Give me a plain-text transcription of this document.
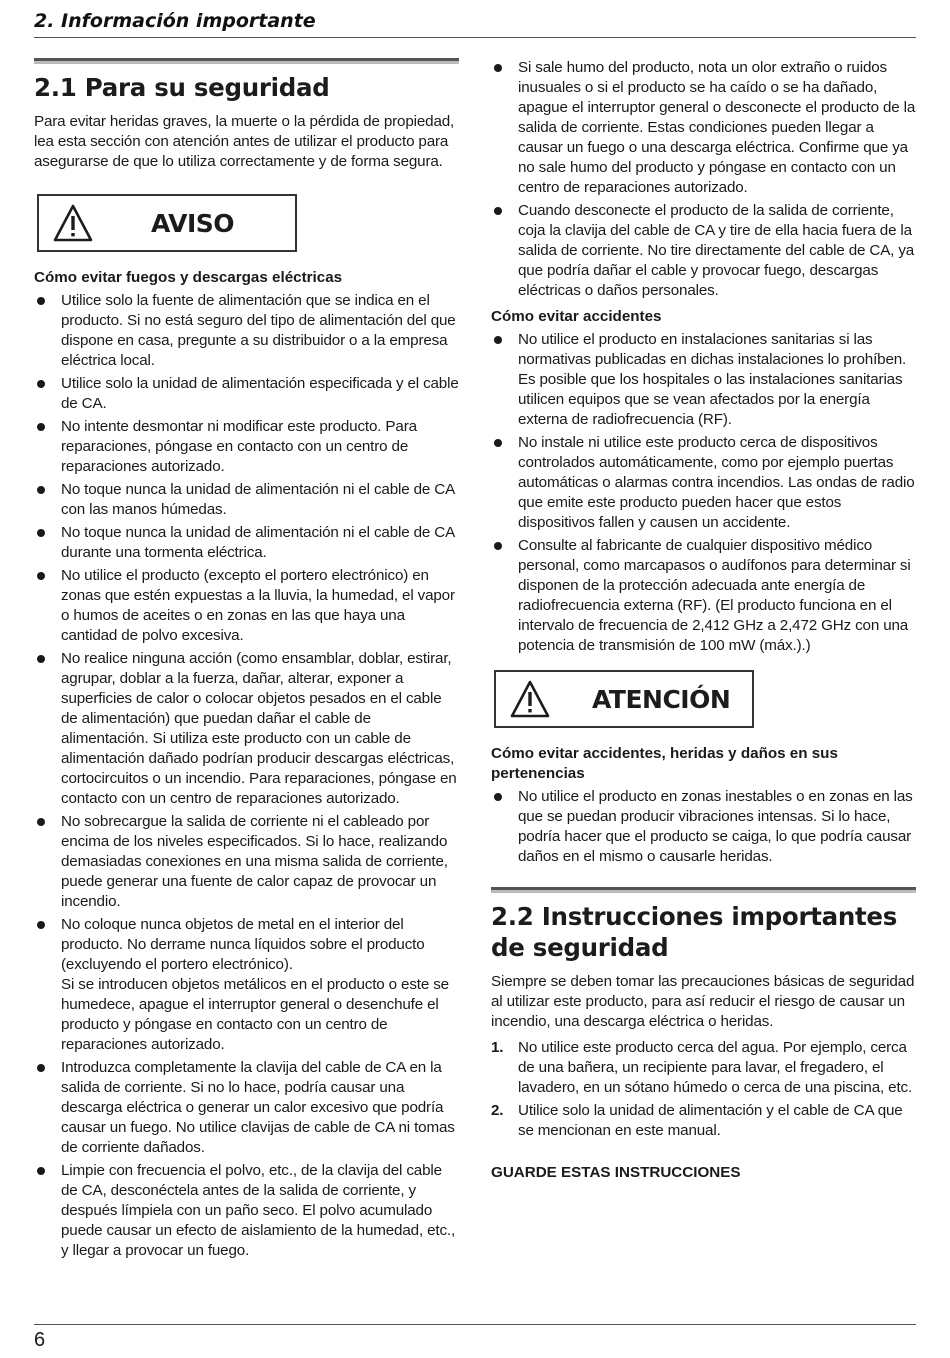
2. Información importante
2.1 Para su seguridad

Para evitar heridas graves, la muerte o la pérdida de propiedad, lea esta sección con atención antes de utilizar el producto para asegurarse de que lo utiliza correctamente y de forma segura.

AVISO
Cómo evitar fuegos y descargas eléctricas
Utilice solo la fuente de alimentación que se indica en el producto. Si no está seguro del tipo de alimentación del que dispone en casa, pregunte a su distribuidor o a la empresa eléctrica local.
Utilice solo la unidad de alimentación especificada y el cable de CA.
No intente desmontar ni modificar este producto. Para reparaciones, póngase en contacto con un centro de reparaciones autorizado.
No toque nunca la unidad de alimentación ni el cable de CA con las manos húmedas.
No toque nunca la unidad de alimentación ni el cable de CA durante una tormenta eléctrica.
No utilice el producto (excepto el portero electrónico) en zonas que estén expuestas a la lluvia, la humedad, el vapor o humos de aceites o en zonas en las que haya una cantidad de polvo excesiva.
No realice ninguna acción (como ensamblar, doblar, estirar, agrupar, doblar a la fuerza, dañar, alterar, exponer a superficies de calor o colocar objetos pesados en el cable de alimentación) que puedan dañar el cable de alimentación. Si utiliza este producto con un cable de alimentación dañado podrían producir descargas eléctricas, cortocircuitos o un incendio. Para reparaciones, póngase en contacto con un centro de reparaciones autorizado.
No sobrecargue la salida de corriente ni el cableado por encima de los niveles especificados. Si lo hace, realizando demasiadas conexiones en una misma salida de corriente, puede generar una fuente de calor capaz de provocar un incendio.
No coloque nunca objetos de metal en el interior del producto. No derrame nunca líquidos sobre el producto (excluyendo el portero electrónico).
Si se introducen objetos metálicos en el producto o este se humedece, apague el interruptor general o desenchufe el producto y póngase en contacto con un centro de reparaciones autorizado.
Introduzca completamente la clavija del cable de CA en la salida de corriente. Si no lo hace, podría causar una descarga eléctrica o generar un calor excesivo que podría causar un fuego. No utilice clavijas de cable de CA ni tomas de corriente dañados.
Limpie con frecuencia el polvo, etc., de la clavija del cable de CA, desconéctela antes de la salida de corriente, y después límpiela con un paño seco. El polvo acumulado puede causar un efecto de aislamiento de la humedad, etc., y llegar a provocar un fuego.
Si sale humo del producto, nota un olor extraño o ruidos inusuales o si el producto se ha caído o se ha dañado, apague el interruptor general o desconecte el producto de la salida de corriente. Estas condiciones pueden llegar a causar un fuego o una descarga eléctrica. Confirme que ya no sale humo del producto y póngase en contacto con un centro de reparaciones autorizado.
Cuando desconecte el producto de la salida de corriente, coja la clavija del cable de CA y tire de ella hacia fuera de la salida de corriente. No tire directamente del cable de CA, ya que podría dañar el cable y provocar fuego, descargas eléctricas o daños personales.
Cómo evitar accidentes
No utilice el producto en instalaciones sanitarias si las normativas publicadas en dichas instalaciones lo prohíben. Es posible que los hospitales o las instalaciones sanitarias utilicen equipos que se vean afectados por la energía externa de radiofrecuencia (RF).
No instale ni utilice este producto cerca de dispositivos controlados automáticamente, como por ejemplo puertas automáticas o alarmas contra incendios. Las ondas de radio que emite este producto pueden hacer que estos dispositivos fallen y causen un accidente.
Consulte al fabricante de cualquier dispositivo médico personal, como marcapasos o audífonos para determinar si disponen de la protección adecuada ante energía de radiofrecuencia externa (RF). (El producto funciona en el intervalo de frecuencia de 2,412 GHz a 2,472 GHz con una potencia de transmisión de 100 mW (máx.).)
ATENCIÓN
Cómo evitar accidentes, heridas y daños en sus pertenencias
No utilice el producto en zonas inestables o en zonas en las que se puedan producir vibraciones intensas. Si lo hace, podría hacer que el producto se caiga, lo que podría causar daños en el mismo o causarle heridas.
2.2 Instrucciones importantes de seguridad

Siempre se deben tomar las precauciones básicas de seguridad al utilizar este producto, para así reducir el riesgo de causar un incendio, una descarga eléctrica o heridas.

1. No utilice este producto cerca del agua. Por ejemplo, cerca de una bañera, un recipiente para lavar, el fregadero, el lavadero, en un sótano húmedo o cerca de una piscina, etc.
2. Utilice solo la unidad de alimentación y el cable de CA que se mencionan en este manual.

GUARDE ESTAS INSTRUCCIONES

6
